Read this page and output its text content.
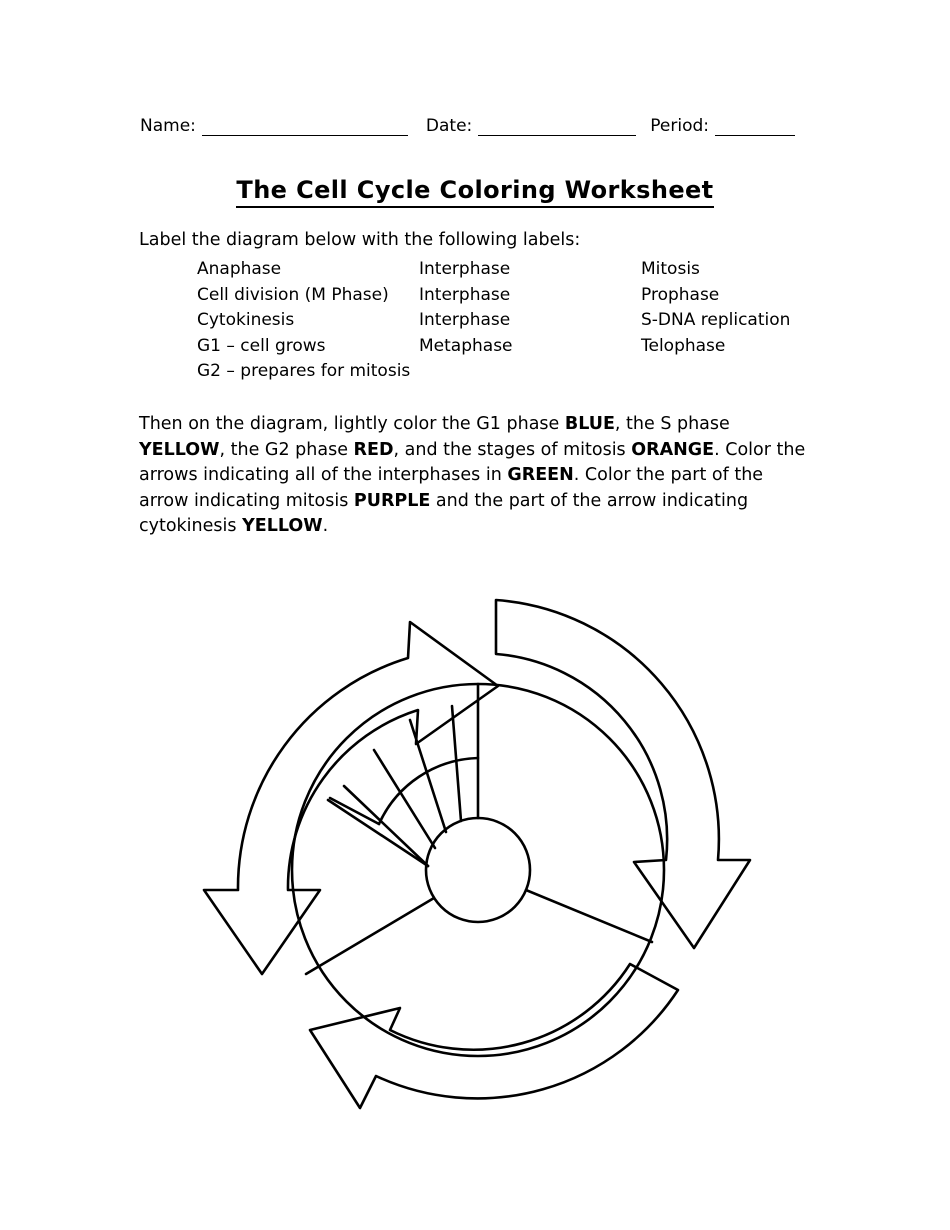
Name:	Date:	Period:
The Cell Cycle Coloring Worksheet
Label the diagram below with the following labels:
Anaphase	Interphase	Mitosis
Cell division (M Phase)	Interphase	Prophase
Cytokinesis	Interphase	S-DNA replication
G1 – cell grows	Metaphase	Telophase
G2 – prepares for mitosis
Then on the diagram, lightly color the G1 phase BLUE, the S phase YELLOW, the G2 phase RED, and the stages of mitosis ORANGE. Color the arrows indicating all of the interphases in GREEN. Color the part of the arrow indicating mitosis PURPLE and the part of the arrow indicating cytokinesis YELLOW.
